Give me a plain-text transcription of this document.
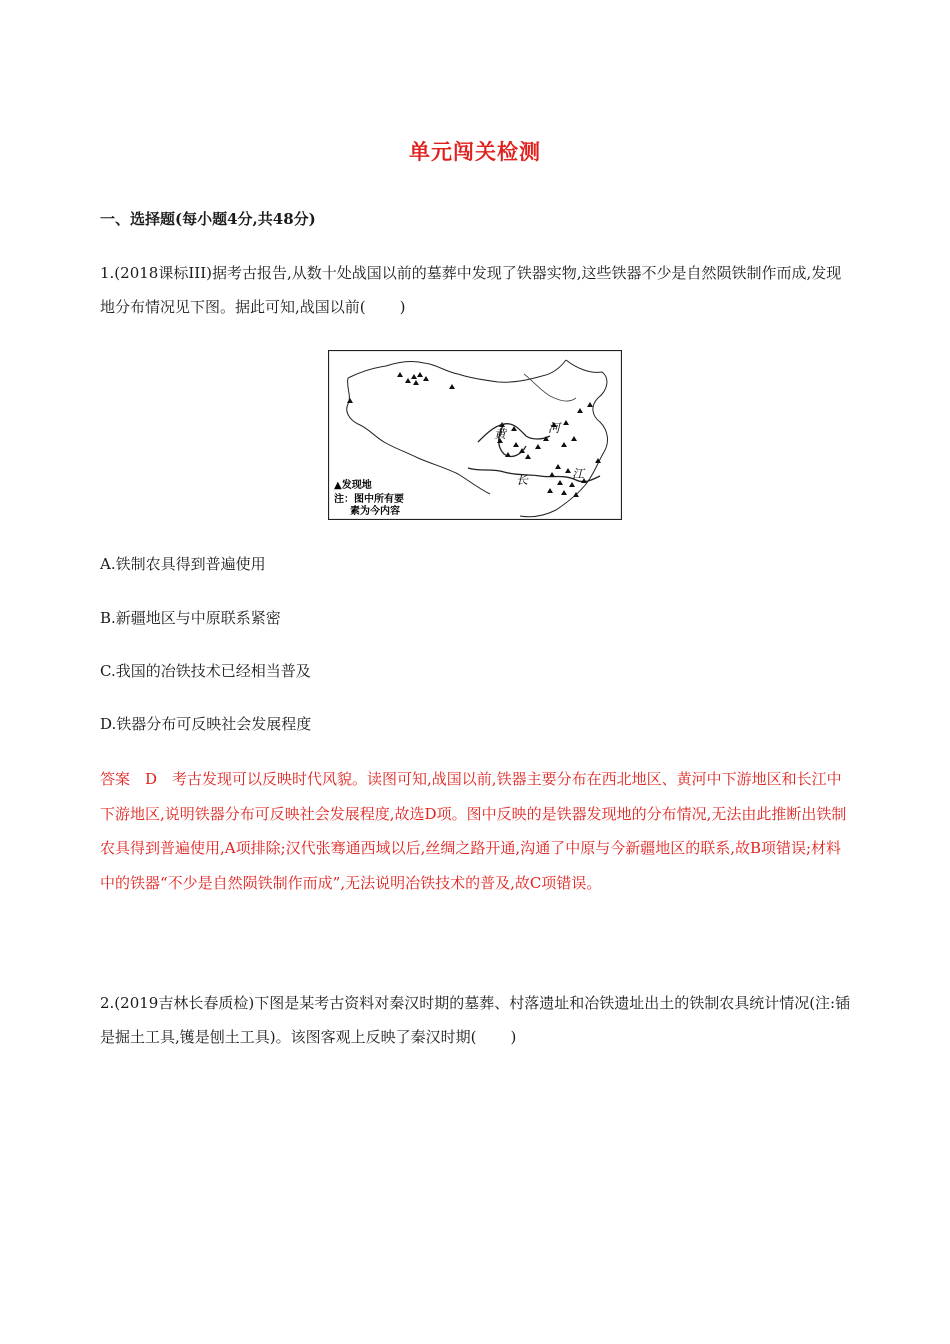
单元闯关检测
一、选择题(每小题4分,共48分)
1.(2018课标III)据考古报告,从数十处战国以前的墓葬中发现了铁器实物,这些铁器不少是自然陨铁制作而成,发现地分布情况见下图。据此可知,战国以前( )
黄	河
长	江
▲发现地
注：图中所有要
素为今内容
A.铁制农具得到普遍使用
B.新疆地区与中原联系紧密
C.我国的冶铁技术已经相当普及
D.铁器分布可反映社会发展程度
答案　D　考古发现可以反映时代风貌。读图可知,战国以前,铁器主要分布在西北地区、黄河中下游地区和长江中下游地区,说明铁器分布可反映社会发展程度,故选D项。图中反映的是铁器发现地的分布情况,无法由此推断出铁制农具得到普遍使用,A项排除;汉代张骞通西域以后,丝绸之路开通,沟通了中原与今新疆地区的联系,故B项错误;材料中的铁器“不少是自然陨铁制作而成”,无法说明冶铁技术的普及,故C项错误。
2.(2019吉林长春质检)下图是某考古资料对秦汉时期的墓葬、村落遗址和冶铁遗址出土的铁制农具统计情况(注:锸是掘土工具,镬是刨土工具)。该图客观上反映了秦汉时期( )
